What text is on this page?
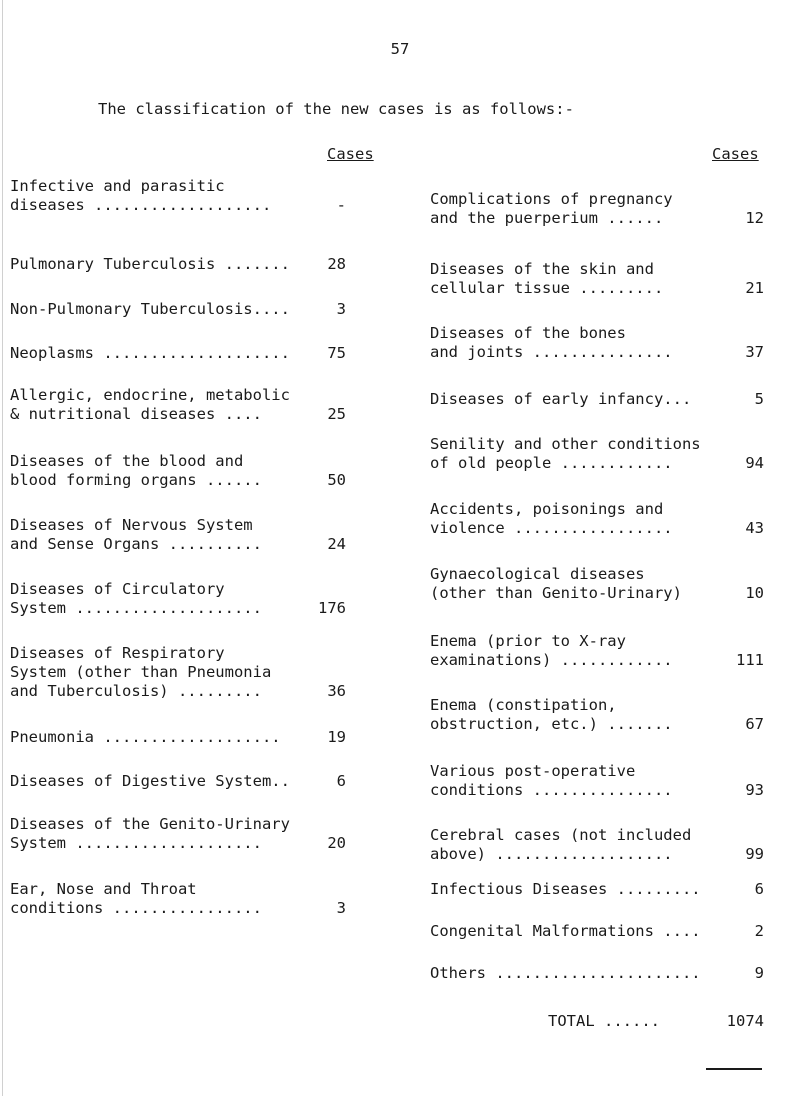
57
The classification of the new cases is as follows:-
Cases	Cases
Infective and parasitic
diseases ...................	-
Pulmonary Tuberculosis ....... 28
Non-Pulmonary Tuberculosis....	3
Neoplasms .................... 75
Allergic, endocrine, metabolic
& nutritional diseases ....	25
Diseases of the blood and
blood forming organs ......	50
Diseases of Nervous System
and Sense Organs ..........	24
Diseases of Circulatory
System ....................	176
Diseases of Respiratory
System (other than Pneumonia
and Tuberculosis) .........	36
Pneumonia ...................	19
Diseases of Digestive System..	6
Diseases of the Genito-Urinary
System ....................	20
Ear, Nose and Throat
conditions ................	3
Complications of pregnancy
and the puerperium ......	12
Diseases of the skin and
cellular tissue .........	21
Diseases of the bones
and joints ...............	37
Diseases of early infancy...	5
Senility and other conditions
of old people ............	94
Accidents, poisonings and
violence .................	43
Gynaecological diseases
(other than Genito-Urinary)	10
Enema (prior to X-ray
examinations) ............	111
Enema (constipation,
obstruction, etc.) .......	67
Various post-operative
conditions ...............	93
Cerebral cases (not included
above) ...................	99
Infectious Diseases .........	6
Congenital Malformations ....	2
Others ......................	9
TOTAL ......	1074
